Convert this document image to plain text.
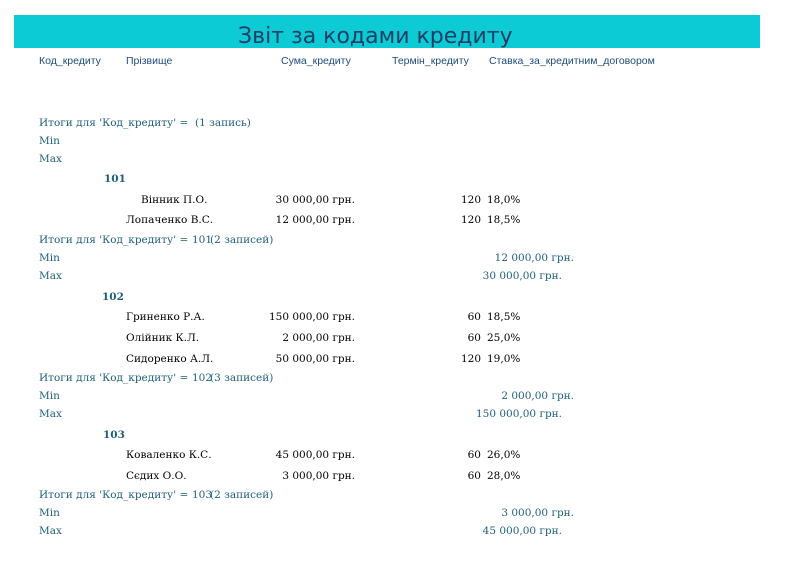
Звіт за кодами кредиту
Код_кредиту Прізвище	Сума_кредиту	Термін_кредиту Ставка_за_кредитним_договором
Итоги для 'Код_кредиту' = (1 запись)
Min
Max
101
Вінник П.О.	30 000,00 грн.	120 18,0%
Лопаченко В.С.	12 000,00 грн.	120 18,5%
Итоги для 'Код_кредиту' = 101
(2 записей)
Min	12 000,00 грн.
Max	30 000,00 грн.
102
Гриненко Р.А.	150 000,00 грн.	60 18,5%
Олійник К.Л.	2 000,00 грн.	60 25,0%
Сидоренко А.Л.	50 000,00 грн.	120 19,0%
Итоги для 'Код_кредиту' = 102
(3 записей)
Min	2 000,00 грн.
Max	150 000,00 грн.
103
Коваленко К.С.	45 000,00 грн.	60 26,0%
Сєдих О.О.	3 000,00 грн.	60 28,0%
Итоги для 'Код_кредиту' = 103
(2 записей)
Min	3 000,00 грн.
Max	45 000,00 грн.
